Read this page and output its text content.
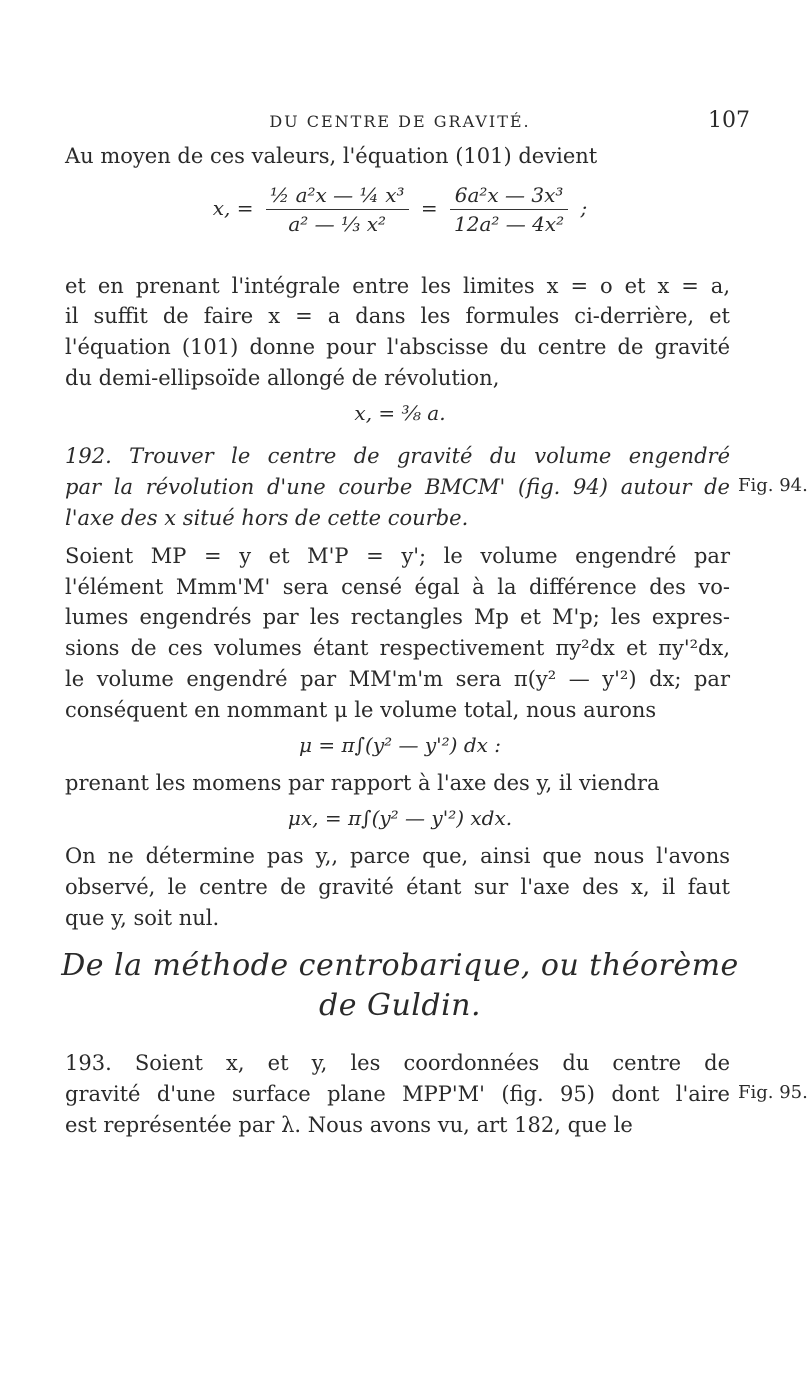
DU CENTRE DE GRAVITÉ.	107
Au moyen de ces valeurs, l'équation (101) devient
x, = $\frac{\text{½ a²x — ¼ x³}}{\text{a² — ⅓ x²}} = \frac{\text{6a²x — 3x³}}{\text{12a² — 4x²}}$ ;
et en prenant l'intégrale entre les limites x = o et x = a,
il suffit de faire x = a dans les formules ci-derrière, et
l'équation (101) donne pour l'abscisse du centre de gravité
du demi-ellipsoïde allongé de révolution,
x, = ⅜ a.
192. Trouver le centre de gravité du volume engendré
par la révolution d'une courbe BMCM' (fig. 94) autour de Fig. 94.
l'axe des x situé hors de cette courbe.
Soient MP = y et M'P = y'; le volume engendré par
l'élément Mmm'M' sera censé égal à la différence des vo-
lumes engendrés par les rectangles Mp et M'p; les expres-
sions de ces volumes étant respectivement πy²dx et πy'²dx,
le volume engendré par MM'm'm sera π(y² — y'²) dx; par
conséquent en nommant μ le volume total, nous aurons
μ = π∫(y² — y'²) dx :
prenant les momens par rapport à l'axe des y, il viendra
μx, = π∫(y² — y'²) xdx.
On ne détermine pas y,, parce que, ainsi que nous l'avons
observé, le centre de gravité étant sur l'axe des x, il faut
que y, soit nul.
De la méthode centrobarique, ou théorème
de Guldin.
193. Soient x, et y, les coordonnées du centre de
gravité d'une surface plane MPP'M' (fig. 95) dont l'aire Fig. 95.
est représentée par λ. Nous avons vu, art 182, que le
